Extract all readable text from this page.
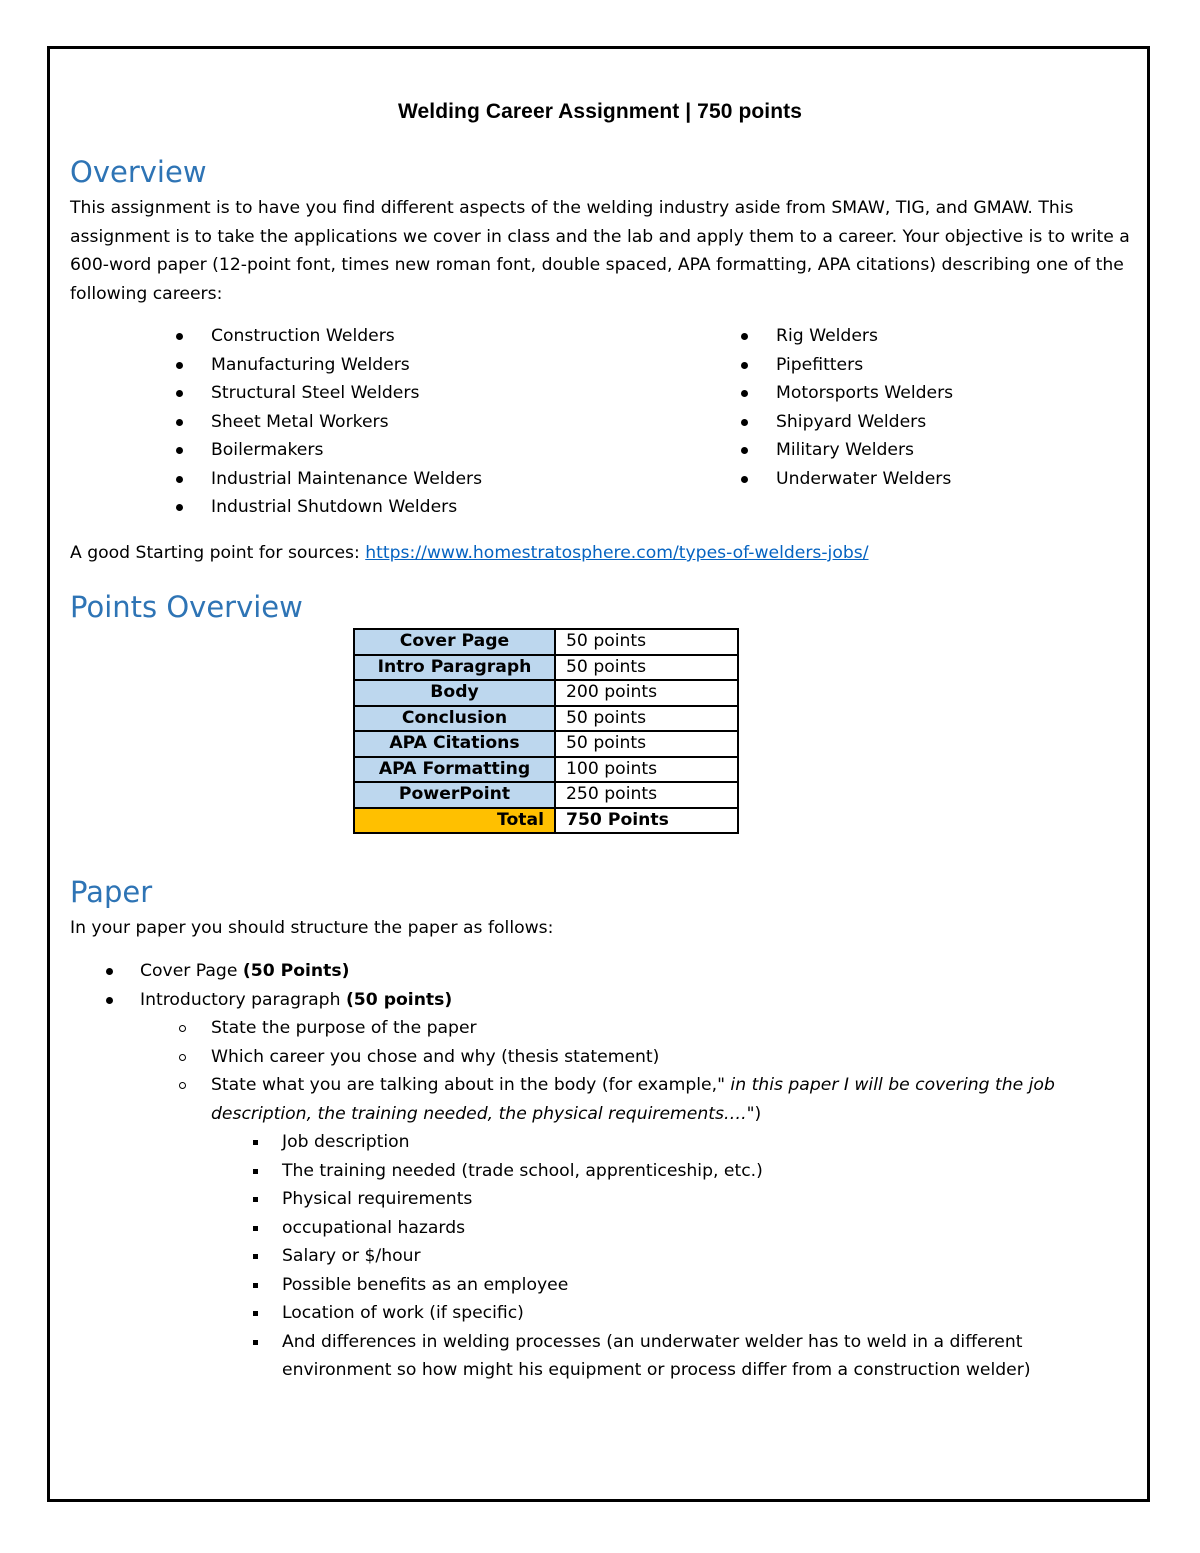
Welding Career Assignment | 750 points
Overview
This assignment is to have you find different aspects of the welding industry aside from SMAW, TIG, and GMAW. This assignment is to take the applications we cover in class and the lab and apply them to a career. Your objective is to write a 600-word paper (12-point font, times new roman font, double spaced, APA formatting, APA citations) describing one of the following careers:
Construction Welders
Manufacturing Welders
Structural Steel Welders
Sheet Metal Workers
Boilermakers
Industrial Maintenance Welders
Industrial Shutdown Welders
Rig Welders
Pipefitters
Motorsports Welders
Shipyard Welders
Military Welders
Underwater Welders
A good Starting point for sources: https://www.homestratosphere.com/types-of-welders-jobs/
Points Overview
Cover Page	50 points
Intro Paragraph	50 points
Body	200 points
Conclusion	50 points
APA Citations	50 points
APA Formatting	100 points
PowerPoint	250 points
Total	750 Points
Paper
In your paper you should structure the paper as follows:
Cover Page (50 Points)
Introductory paragraph (50 points)
State the purpose of the paper
Which career you chose and why (thesis statement)
State what you are talking about in the body (for example," in this paper I will be covering the job description, the training needed, the physical requirements….")
Job description
The training needed (trade school, apprenticeship, etc.)
Physical requirements
occupational hazards
Salary or $/hour
Possible benefits as an employee
Location of work (if specific)
And differences in welding processes (an underwater welder has to weld in a different environment so how might his equipment or process differ from a construction welder)
